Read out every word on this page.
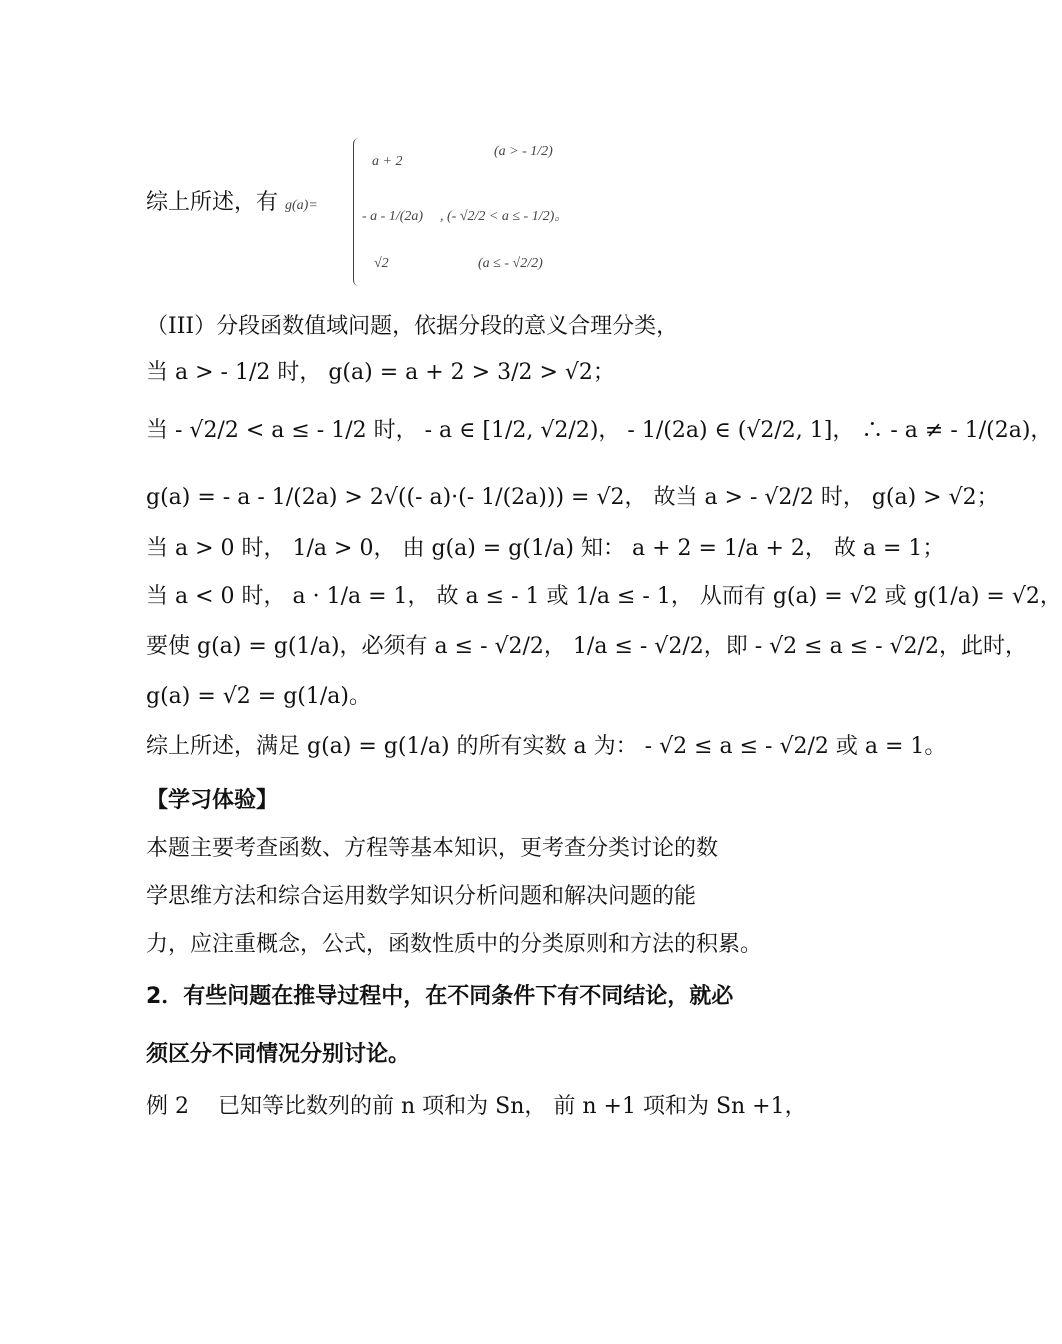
综上所述，有 g(a)=
a + 2
(a > - 1/2)
- a - 1/(2a) , (- √2/2 < a ≤ - 1/2)。
√2	(a ≤ - √2/2)
（III）分段函数值域问题，依据分段的意义合理分类，
当 a > - 1/2 时， g(a) = a + 2 > 3/2 > √2；
当 - √2/2 < a ≤ - 1/2 时， - a ∈ [1/2, √2/2)， - 1/(2a) ∈ (√2/2, 1]， ∴ - a ≠ - 1/(2a)，
g(a) = - a - 1/(2a) > 2√((- a)·(- 1/(2a))) = √2， 故当 a > - √2/2 时， g(a) > √2；
当 a > 0 时， 1/a > 0， 由 g(a) = g(1/a) 知： a + 2 = 1/a + 2， 故 a = 1；
当 a < 0 时， a · 1/a = 1， 故 a ≤ - 1 或 1/a ≤ - 1， 从而有 g(a) = √2 或 g(1/a) = √2，
要使 g(a) = g(1/a)，必须有 a ≤ - √2/2， 1/a ≤ - √2/2，即 - √2 ≤ a ≤ - √2/2，此时，
g(a) = √2 = g(1/a)。
综上所述，满足 g(a) = g(1/a) 的所有实数 a 为： - √2 ≤ a ≤ - √2/2 或 a = 1。
【学习体验】
本题主要考查函数、方程等基本知识，更考查分类讨论的数
学思维方法和综合运用数学知识分析问题和解决问题的能
力，应注重概念，公式，函数性质中的分类原则和方法的积累。
2．有些问题在推导过程中，在不同条件下有不同结论，就必
须区分不同情况分别讨论。
例 2　 已知等比数列的前 n 项和为 Sn， 前 n +1 项和为 Sn +1，
